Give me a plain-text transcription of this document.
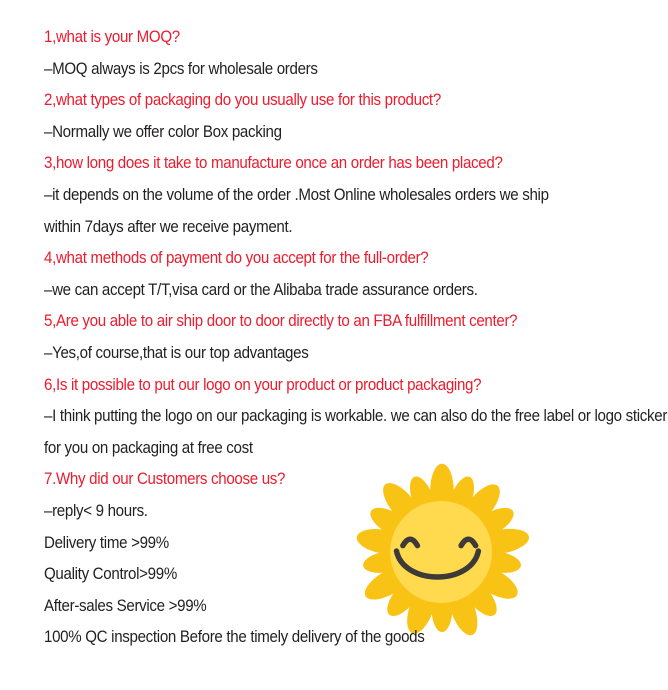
1,what is your MOQ?
–MOQ always is 2pcs for wholesale orders
2,what types of packaging do you usually use for this product?
–Normally we offer color Box packing
3,how long does it take to manufacture once an order has been placed?
–it depends on the volume of the order .Most Online wholesales orders we ship
within 7days after we receive payment.
4,what methods of payment do you accept for the full-order?
–we can accept T/T,visa card or the Alibaba trade assurance orders.
5,Are you able to air ship door to door directly to an FBA fulfillment center?
–Yes,of course,that is our top advantages
6,Is it possible to put our logo on your product or product packaging?
–I think putting the logo on our packaging is workable. we can also do the free label or logo sticker
for you on packaging at free cost
7.Why did our Customers choose us?
–reply< 9 hours.
Delivery time >99%
Quality Control>99%
After-sales Service >99%
100% QC inspection Before the timely delivery of the goods
